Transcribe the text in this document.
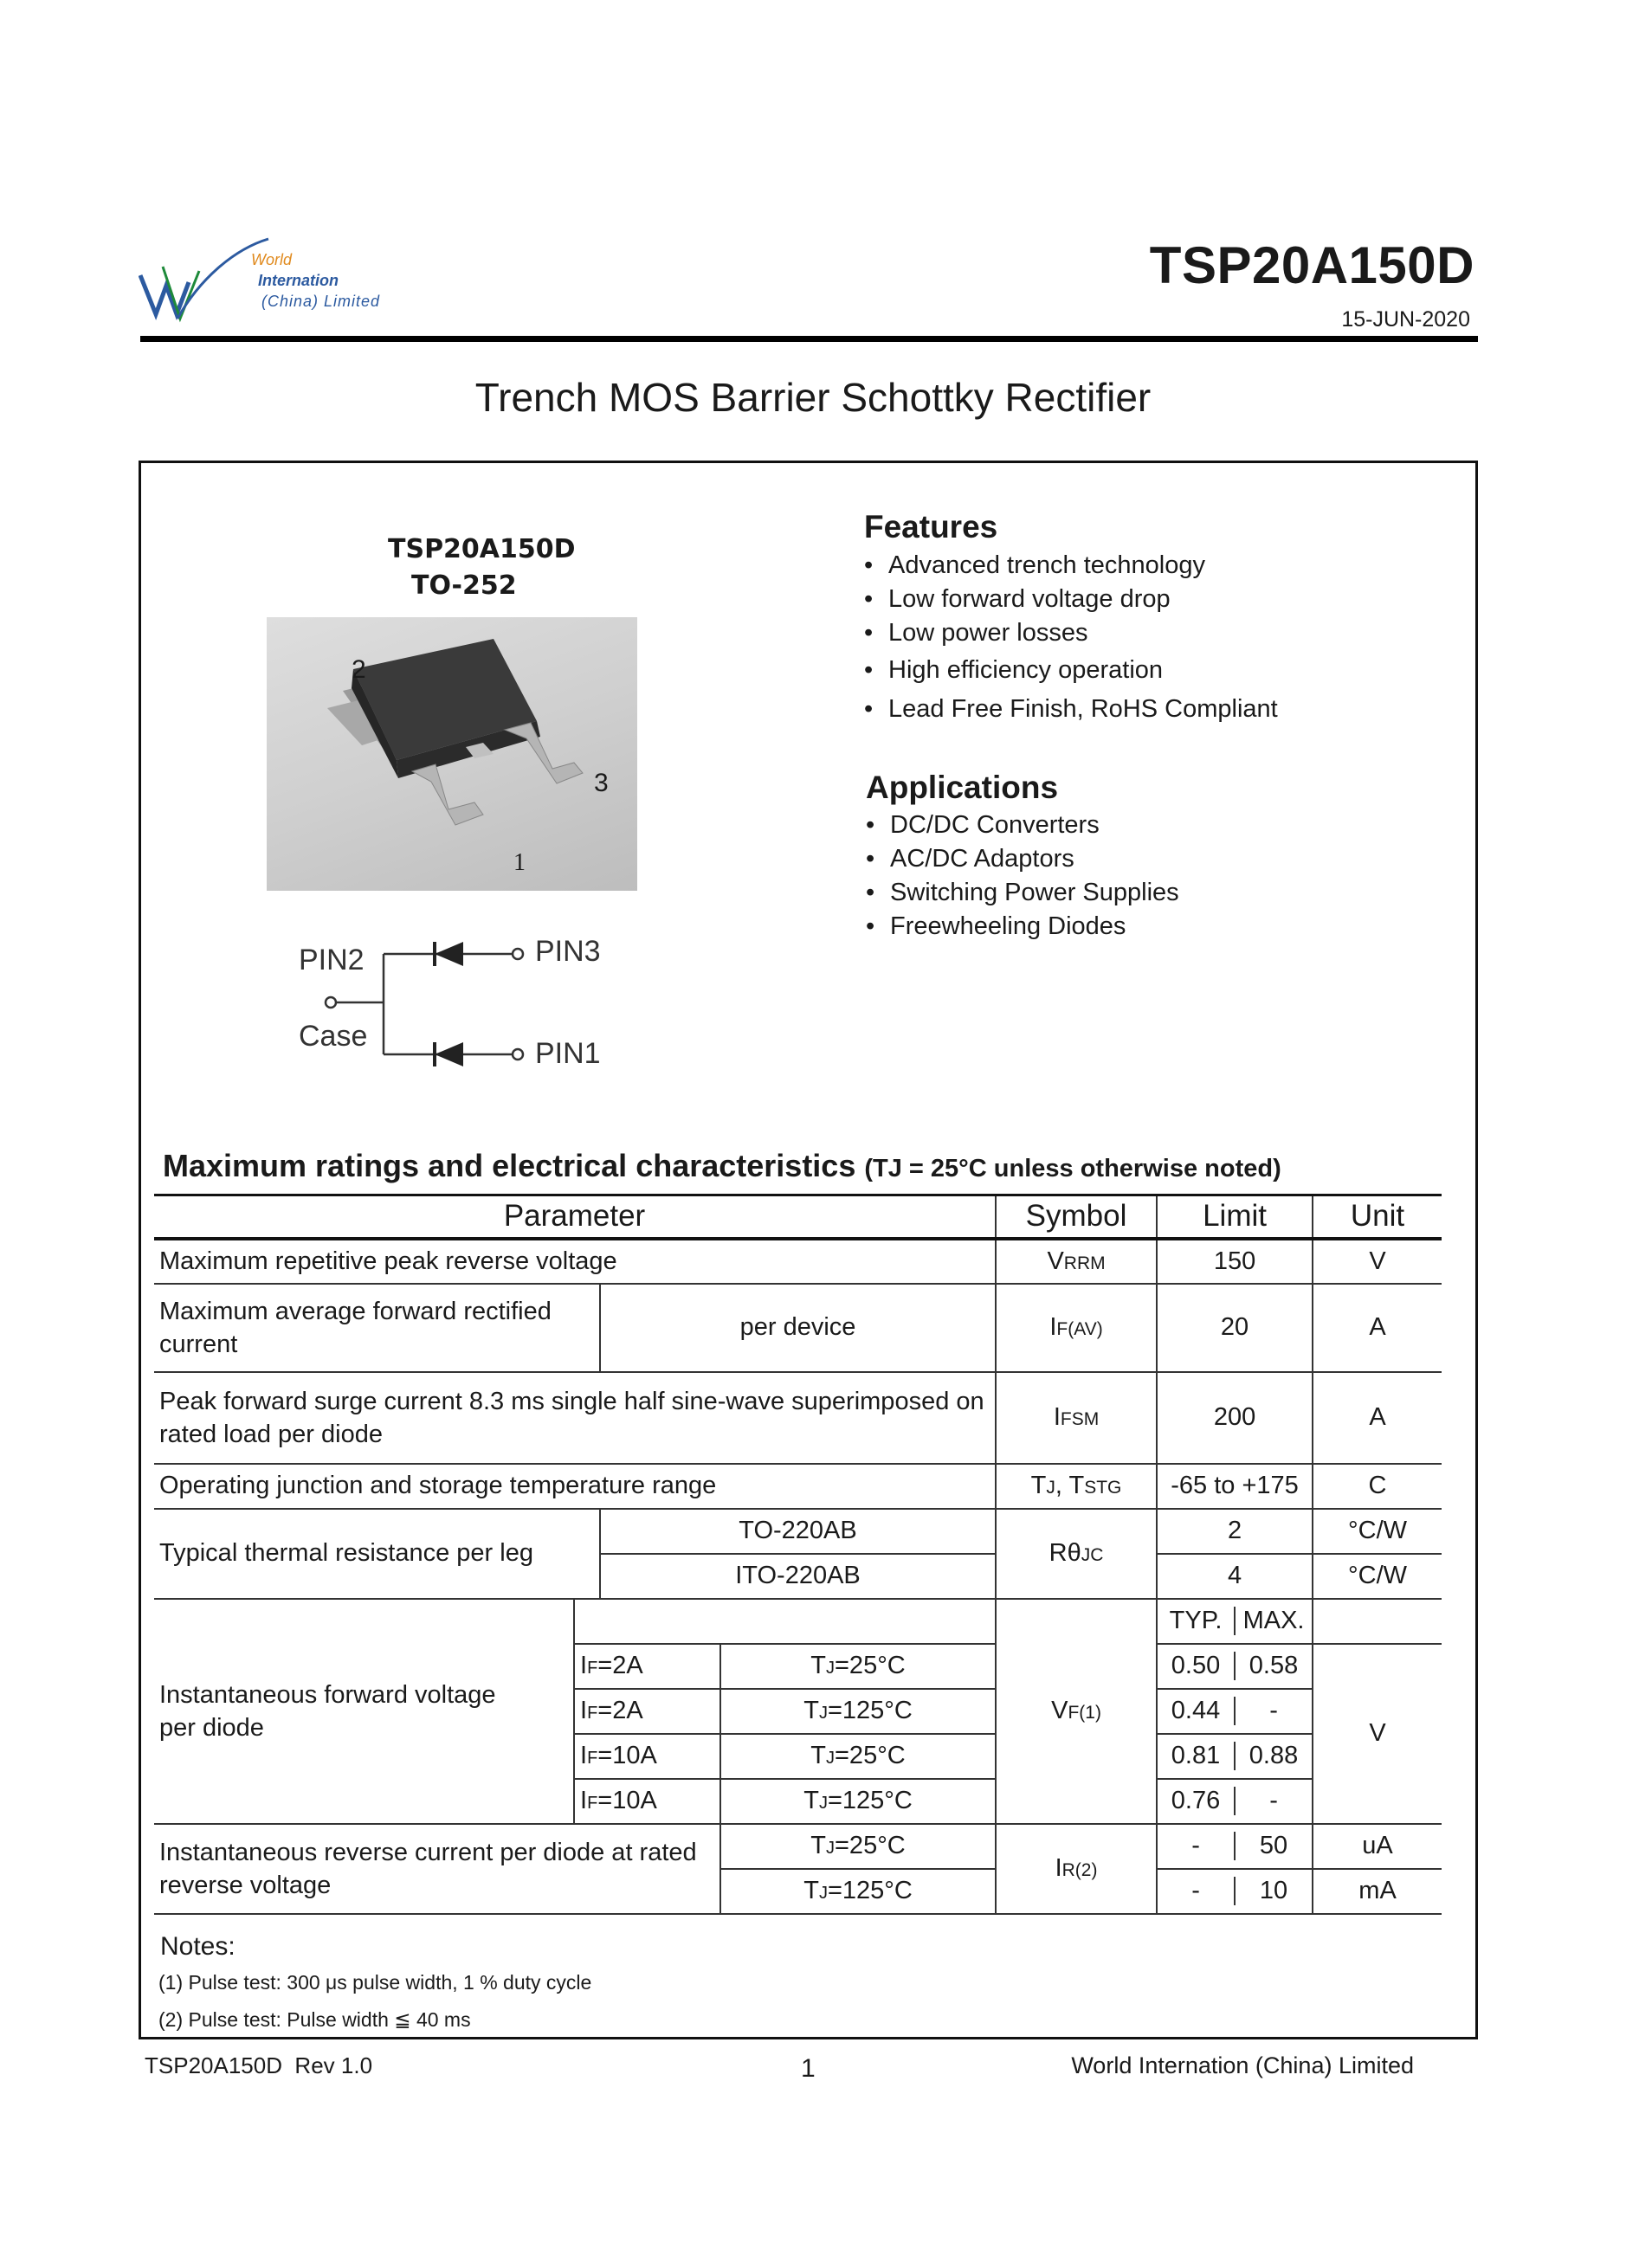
World
Internation
(China) Limited
TSP20A150D
15-JUN-2020
Trench MOS Barrier Schottky Rectifier
TSP20A150D
TO-252
2
3
1
PIN2
Case
PIN3
PIN1
Features
• Advanced trench technology
• Low forward voltage drop
• Low power losses
• High efficiency operation
• Lead Free Finish, RoHS Compliant
Applications
• DC/DC Converters
• AC/DC Adaptors
• Switching Power Supplies
• Freewheeling Diodes
Maximum ratings and electrical characteristics (TJ = 25°C unless otherwise noted)
Parameter				Symbol	Limit	Unit
Maximum repetitive peak reverse voltage				VRRM	150	V
Maximum average forward rectified current		per device		IF(AV)	20	A
Peak forward surge current 8.3 ms single half sine-wave superimposed on rated load per diode				IFSM	200	A
Operating junction and storage temperature range				TJ, TSTG	-65 to +175	C
Typical thermal resistance per leg		TO-220AB		RθJC	2	°C/W
		ITO-220AB			4	°C/W
Instantaneous forward voltage per diode				VF(1)	TYP. MAX.	

	IF=2A		TJ=25°C		0.50 0.58	V
	IF=2A		TJ=125°C		0.44 -	

	IF=10A		TJ=25°C		0.81 0.88	

	IF=10A		TJ=125°C		0.76 -	

Instantaneous reverse current per diode at rated reverse voltage			TJ=25°C	IR(2)	- 50	uA
			TJ=125°C		- 10	mA
Notes:
(1) Pulse test: 300 μs pulse width, 1 % duty cycle
(2) Pulse test: Pulse width ≦ 40 ms
TSP20A150D  Rev 1.0	1	World Internation (China) Limited
